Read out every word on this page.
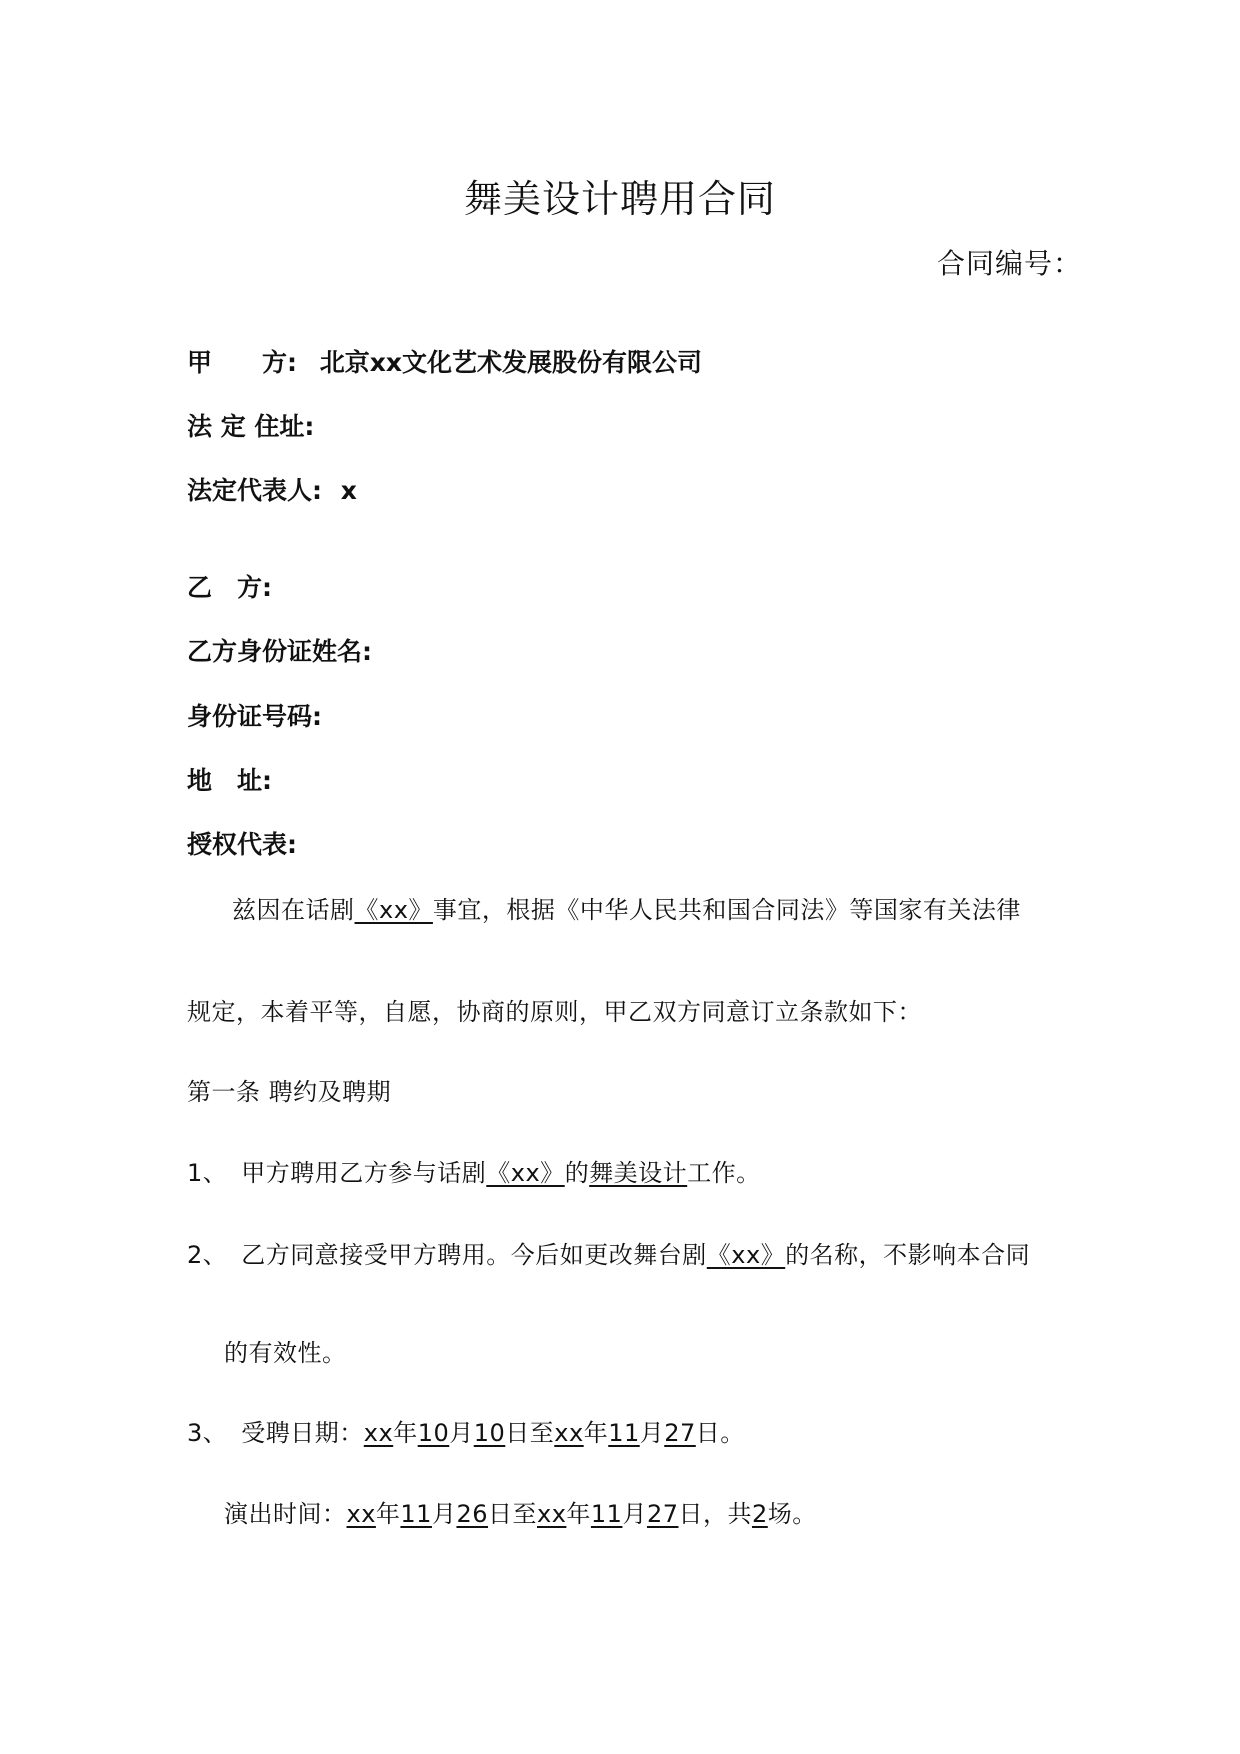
舞美设计聘用合同
合同编号：
甲　　方: 北京xx文化艺术发展股份有限公司
法 定 住址:
法定代表人: x
乙　方:
乙方身份证姓名:
身份证号码:
地　址:
授权代表:
兹因在话剧《xx》事宜，根据《中华人民共和国合同法》等国家有关法律
规定，本着平等，自愿，协商的原则，甲乙双方同意订立条款如下：
第一条 聘约及聘期
1、 甲方聘用乙方参与话剧《xx》的舞美设计工作。
2、 乙方同意接受甲方聘用。今后如更改舞台剧《xx》的名称，不影响本合同
的有效性。
3、 受聘日期：xx年10月10日至xx年11月27日。
演出时间：xx年11月26日至xx年11月27日，共2场。
